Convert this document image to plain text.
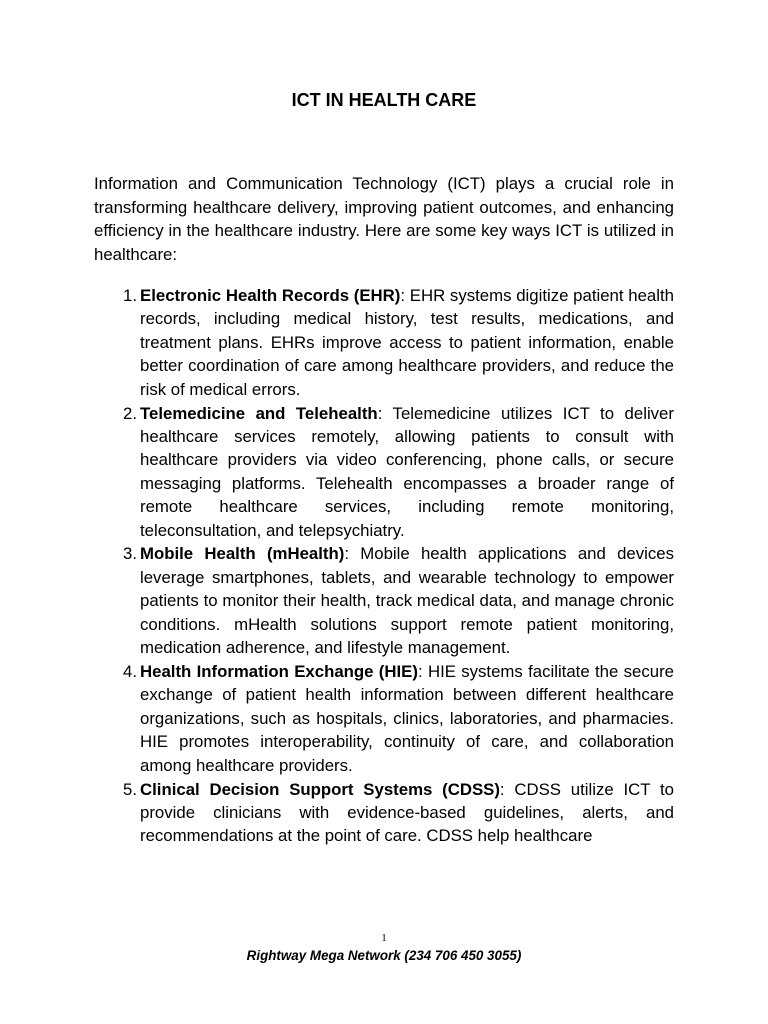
ICT IN HEALTH CARE

Information and Communication Technology (ICT) plays a crucial role in transforming healthcare delivery, improving patient outcomes, and enhancing efficiency in the healthcare industry. Here are some key ways ICT is utilized in healthcare:

1. Electronic Health Records (EHR): EHR systems digitize patient health records, including medical history, test results, medications, and treatment plans. EHRs improve access to patient information, enable better coordination of care among healthcare providers, and reduce the risk of medical errors.
2. Telemedicine and Telehealth: Telemedicine utilizes ICT to deliver healthcare services remotely, allowing patients to consult with healthcare providers via video conferencing, phone calls, or secure messaging platforms. Telehealth encompasses a broader range of remote healthcare services, including remote monitoring, teleconsultation, and telepsychiatry.
3. Mobile Health (mHealth): Mobile health applications and devices leverage smartphones, tablets, and wearable technology to empower patients to monitor their health, track medical data, and manage chronic conditions. mHealth solutions support remote patient monitoring, medication adherence, and lifestyle management.
4. Health Information Exchange (HIE): HIE systems facilitate the secure exchange of patient health information between different healthcare organizations, such as hospitals, clinics, laboratories, and pharmacies. HIE promotes interoperability, continuity of care, and collaboration among healthcare providers.
5. Clinical Decision Support Systems (CDSS): CDSS utilize ICT to provide clinicians with evidence-based guidelines, alerts, and recommendations at the point of care. CDSS help healthcare
1
Rightway Mega Network (234 706 450 3055)
